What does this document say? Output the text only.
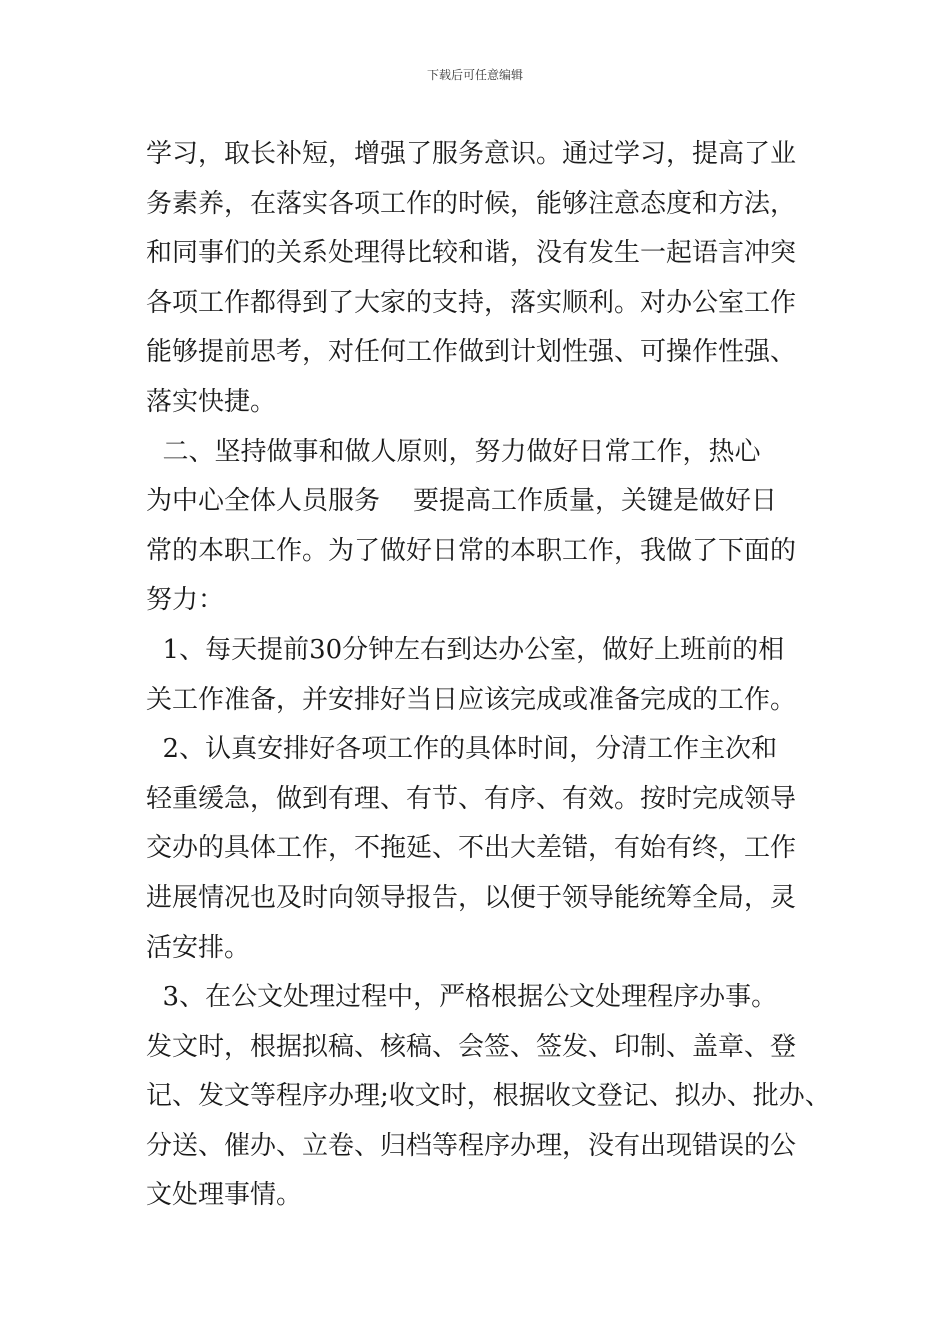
下载后可任意编辑
学习，取长补短，增强了服务意识。通过学习，提高了业
务素养，在落实各项工作的时候，能够注意态度和方法，
和同事们的关系处理得比较和谐，没有发生一起语言冲突
各项工作都得到了大家的支持，落实顺利。对办公室工作
能够提前思考，对任何工作做到计划性强、可操作性强、
落实快捷。
二、坚持做事和做人原则，努力做好日常工作，热心
为中心全体人员服务    要提高工作质量，关键是做好日
常的本职工作。为了做好日常的本职工作，我做了下面的
努力：
1、每天提前30分钟左右到达办公室，做好上班前的相
关工作准备，并安排好当日应该完成或准备完成的工作。
2、认真安排好各项工作的具体时间，分清工作主次和
轻重缓急，做到有理、有节、有序、有效。按时完成领导
交办的具体工作，不拖延、不出大差错，有始有终，工作
进展情况也及时向领导报告，以便于领导能统筹全局，灵
活安排。
3、在公文处理过程中，严格根据公文处理程序办事。
发文时，根据拟稿、核稿、会签、签发、印制、盖章、登
记、发文等程序办理;收文时，根据收文登记、拟办、批办、
分送、催办、立卷、归档等程序办理，没有出现错误的公
文处理事情。
